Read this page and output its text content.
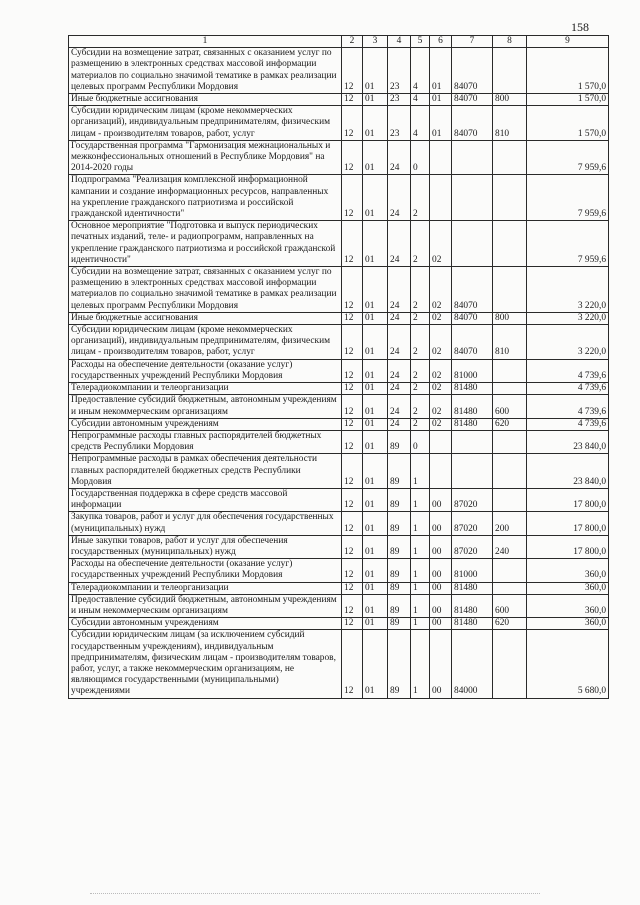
158
1	2	3	4	5	6	7	8	9
Субсидии на возмещение затрат, связанных с оказанием услуг по размещению в электронных средствах массовой информации материалов по социально значимой тематике в рамках реализации целевых программ Республики Мордовия	12	01	23	4	01	84070		1 570,0
Иные бюджетные ассигнования	12	01	23	4	01	84070	800	1 570,0
Субсидии юридическим лицам (кроме некоммерческих организаций), индивидуальным предпринимателям, физическим лицам - производителям товаров, работ, услуг	12	01	23	4	01	84070	810	1 570,0
Государственная программа "Гармонизация межнациональных и межконфессиональных отношений в Республике Мордовия" на 2014-2020 годы	12	01	24	0				7 959,6
Подпрограмма "Реализация комплексной информационной кампании и создание информационных ресурсов, направленных на укрепление гражданского патриотизма и российской гражданской идентичности"	12	01	24	2				7 959,6
Основное мероприятие "Подготовка и выпуск периодических печатных изданий, теле- и радиопрограмм, направленных на укрепление гражданского патриотизма и российской гражданской идентичности"	12	01	24	2	02			7 959,6
Субсидии на возмещение затрат, связанных с оказанием услуг по размещению в электронных средствах массовой информации материалов по социально значимой тематике в рамках реализации целевых программ Республики Мордовия	12	01	24	2	02	84070		3 220,0
Иные бюджетные ассигнования	12	01	24	2	02	84070	800	3 220,0
Субсидии юридическим лицам (кроме некоммерческих организаций), индивидуальным предпринимателям, физическим лицам - производителям товаров, работ, услуг	12	01	24	2	02	84070	810	3 220,0
Расходы на обеспечение деятельности (оказание услуг) государственных учреждений Республики Мордовия	12	01	24	2	02	81000		4 739,6
Телерадиокомпании и телеорганизации	12	01	24	2	02	81480		4 739,6
Предоставление субсидий бюджетным, автономным учреждениям и иным некоммерческим организациям	12	01	24	2	02	81480	600	4 739,6
Субсидии автономным учреждениям	12	01	24	2	02	81480	620	4 739,6
Непрограммные расходы главных распорядителей бюджетных средств Республики Мордовия	12	01	89	0				23 840,0
Непрограммные расходы в рамках обеспечения деятельности главных распорядителей бюджетных средств Республики Мордовия	12	01	89	1				23 840,0
Государственная поддержка в сфере средств массовой информации	12	01	89	1	00	87020		17 800,0
Закупка товаров, работ и услуг для обеспечения государственных (муниципальных) нужд	12	01	89	1	00	87020	200	17 800,0
Иные закупки товаров, работ и услуг для обеспечения государственных (муниципальных) нужд	12	01	89	1	00	87020	240	17 800,0
Расходы на обеспечение деятельности (оказание услуг) государственных учреждений Республики Мордовия	12	01	89	1	00	81000		360,0
Телерадиокомпании и телеорганизации	12	01	89	1	00	81480		360,0
Предоставление субсидий бюджетным, автономным учреждениям и иным некоммерческим организациям	12	01	89	1	00	81480	600	360,0
Субсидии автономным учреждениям	12	01	89	1	00	81480	620	360,0
Субсидии юридическим лицам (за исключением субсидий государственным учреждениям), индивидуальным предпринимателям, физическим лицам - производителям товаров, работ, услуг, а также некоммерческим организациям, не являющимся государственными (муниципальными) учреждениями	12	01	89	1	00	84000		5 680,0
